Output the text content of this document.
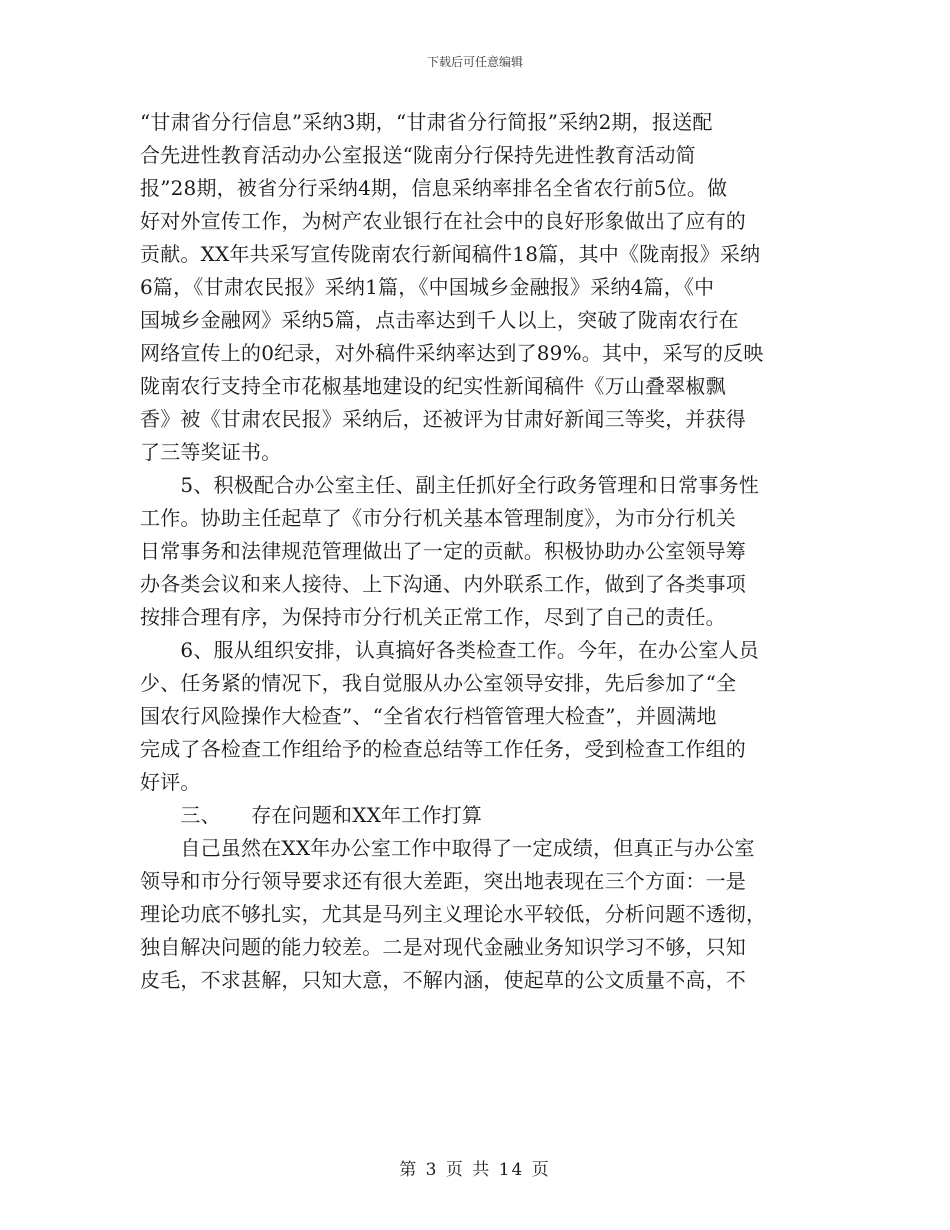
下载后可任意编辑
“甘肃省分行信息”采纳3期，“甘肃省分行简报”采纳2期，报送配
合先进性教育活动办公室报送“陇南分行保持先进性教育活动简
报”28期，被省分行采纳4期，信息采纳率排名全省农行前5位。做
好对外宣传工作，为树产农业银行在社会中的良好形象做出了应有的
贡献。XX年共采写宣传陇南农行新闻稿件18篇，其中《陇南报》采纳
6篇，《甘肃农民报》采纳1篇，《中国城乡金融报》采纳4篇，《中
国城乡金融网》采纳5篇，点击率达到千人以上，突破了陇南农行在
网络宣传上的0纪录，对外稿件采纳率达到了89%。其中，采写的反映
陇南农行支持全市花椒基地建设的纪实性新闻稿件《万山叠翠椒飘
香》被《甘肃农民报》采纳后，还被评为甘肃好新闻三等奖，并获得
了三等奖证书。
　　5、积极配合办公室主任、副主任抓好全行政务管理和日常事务性
工作。协助主任起草了《市分行机关基本管理制度》，为市分行机关
日常事务和法律规范管理做出了一定的贡献。积极协助办公室领导筹
办各类会议和来人接待、上下沟通、内外联系工作，做到了各类事项
按排合理有序，为保持市分行机关正常工作，尽到了自己的责任。
　　6、服从组织安排，认真搞好各类检查工作。今年，在办公室人员
少、任务紧的情况下，我自觉服从办公室领导安排，先后参加了“全
国农行风险操作大检查”、“全省农行档管管理大检查”，并圆满地
完成了各检查工作组给予的检查总结等工作任务，受到检查工作组的
好评。
　　三、　　存在问题和XX年工作打算
　　自己虽然在XX年办公室工作中取得了一定成绩，但真正与办公室
领导和市分行领导要求还有很大差距，突出地表现在三个方面：一是
理论功底不够扎实，尤其是马列主义理论水平较低，分析问题不透彻，
独自解决问题的能力较差。二是对现代金融业务知识学习不够，只知
皮毛，不求甚解，只知大意，不解内涵，使起草的公文质量不高，不
第 3 页 共 14 页
